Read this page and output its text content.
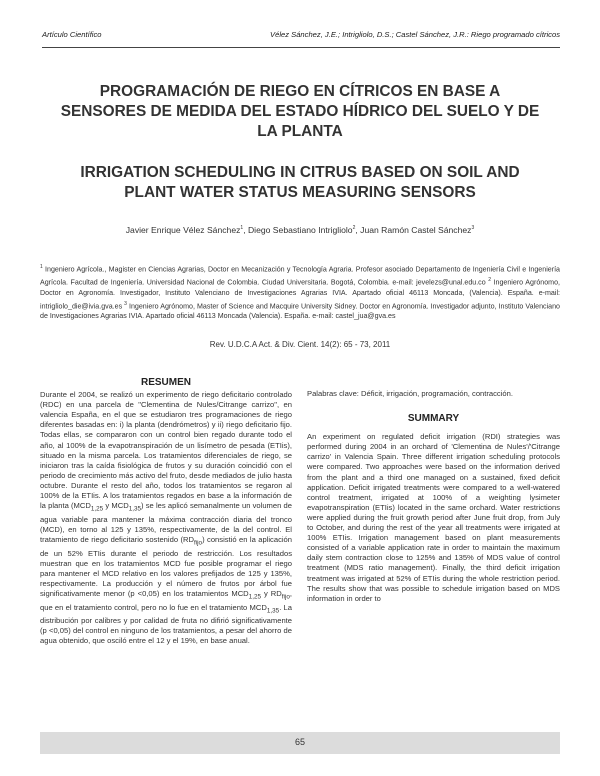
Artículo Científico	Vélez Sánchez, J.E.; Intrigliolo, D.S.; Castel Sánchez, J.R.: Riego programado cítricos
PROGRAMACIÓN DE RIEGO EN CÍTRICOS EN BASE A SENSORES DE MEDIDA DEL ESTADO HÍDRICO DEL SUELO Y DE LA PLANTA
IRRIGATION SCHEDULING IN CITRUS BASED ON SOIL AND PLANT WATER STATUS MEASURING SENSORS
Javier Enrique Vélez Sánchez$^1$, Diego Sebastiano Intrigliolo$^2$, Juan Ramón Castel Sánchez$^3$
$^1$ Ingeniero Agrícola., Magister en Ciencias Agrarias, Doctor en Mecanización y Tecnología Agraria. Profesor asociado Departamento de Ingeniería Civil e Ingeniería Agrícola. Facultad de Ingeniería. Universidad Nacional de Colombia. Ciudad Universitaria. Bogotá, Colombia. e-mail: jevelezs@unal.edu.co $^2$ Ingeniero Agrónomo, Doctor en Agronomía. Investigador, Instituto Valenciano de Investigaciones Agrarias IVIA. Apartado oficial 46113 Moncada, (Valencia). España. e-mail: intrigliolo_die@ivia.gva.es $^3$ Ingeniero Agrónomo, Master of Science and Macquire University Sidney. Doctor en Agronomía. Investigador adjunto, Instituto Valenciano de Investigaciones Agrarias IVIA. Apartado oficial 46113 Moncada (Valencia). España. e-mail: castel_jua@gva.es
Rev. U.D.C.A Act. & Div. Cient. 14(2): 65 - 73, 2011
RESUMEN

Durante el 2004, se realizó un experimento de riego deficitario controlado (RDC) en una parcela de "Clementina de Nules/Citrange carrizo", en valencia España, en el que se estudiaron tres programaciones de riego diferentes basadas en: i) la planta (dendrómetros) y ii) riego deficitario fijo. Todas ellas, se compararon con un control bien regado durante todo el año, al 100% de la evapotranspiración de un lisímetro de pesada (ETIis), situado en la misma parcela. Los tratamientos diferenciales de riego, se iniciaron tras la caída fisiológica de frutos y su duración coincidió con el periodo de crecimiento más activo del fruto, desde mediados de julio hasta octubre. Durante el resto del año, todos los tratamientos se regaron al 100% de la ETIis. A los tratamientos regados en base a la información de la planta ($MCD_{1,25}$ y $MCD_{1,35}$) se les aplicó semanalmente un volumen de agua variable para mantener la máxima contracción diaria del tronco (MCD), en torno al 125 y 135%, respectivamente, de la del control. El tratamiento de riego deficitario sostenido $(RD_{fijo})$ consistió en la aplicación de un 52% ETIis durante el periodo de restricción. Los resultados muestran que en los tratamientos MCD fue posible programar el riego para mantener el MCD relativo en los valores prefijados de 125 y 135%, respectivamente. La producción y el número de frutos por árbol fue significativamente menor (p <0,05) en los tratamientos $MCD_{1,25}$ y $RD_{fijo}$, que en el tratamiento control, pero no lo fue en el tratamiento $MCD_{1,35}$. La distribución por calibres y por calidad de fruta no difirió significativamente (p <0,05) del control en ninguno de los tratamientos, a pesar del ahorro de agua obtenido, que osciló entre el 12 y el 19%, en base anual.

Palabras clave: Déficit, irrigación, programación, contracción.

SUMMARY

An experiment on regulated deficit irrigation (RDI) strategies was performed during 2004 in an orchard of 'Clementina de Nules'/'Citrange carrizo' in Valencia Spain. Three different irrigation scheduling protocols were compared. Two approaches were based on the information derived from the plant and a third one managed on a sustained, fixed deficit application. Deficit irrigated treatments were compared to a well-watered control treatment, irrigated at 100% of a weighting lysimeter evapotranspiration (ETIis) located in the same orchard. Water restrictions were applied during the fruit growth period after June fruit drop, from July to October, and during the rest of the year all treatments were irrigated at 100% ETIis. Irrigation management based on plant measurements consisted of a variable application rate in order to maintain the maximum daily stem contraction close to 125% and 135% of MDS value of control treatment (MDS ratio management). Finally, the third deficit irrigation treatment was irrigated at 52% of ETIis during the whole restriction period. The results show that was possible to schedule irrigation based on MDS information in order to

65
